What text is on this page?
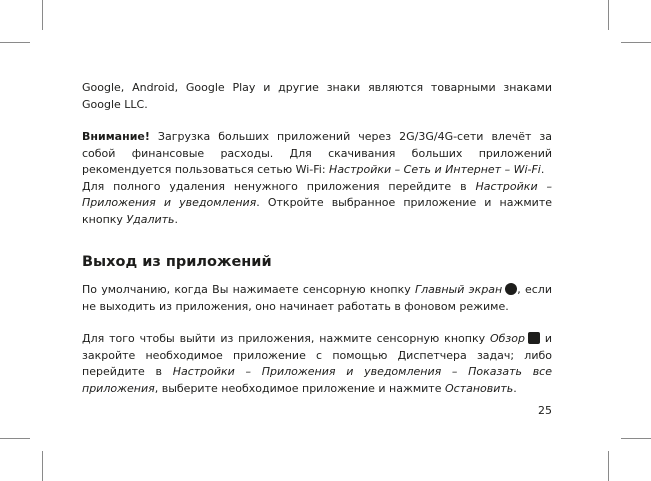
Google, Android, Google Play и другие знаки являются товарными знаками Google LLC.

Внимание! Загрузка больших приложений через 2G/3G/4G-сети влечёт за собой финансовые расходы. Для скачивания больших приложений рекомендуется пользоваться сетью Wi-Fi: Настройки – Сеть и Интернет – Wi-Fi.

Для полного удаления ненужного приложения перейдите в Настройки – Приложения и уведомления. Откройте выбранное приложение и нажмите кнопку Удалить.

Выход из приложений

По умолчанию, когда Вы нажимаете сенсорную кнопку Главный экран , если не выходить из приложения, оно начинает работать в фоновом режиме.

Для того чтобы выйти из приложения, нажмите сенсорную кнопку Обзор и закройте необходимое приложение с помощью Диспетчера задач; либо перейдите в Настройки – Приложения и уведомления – Показать все приложения, выберите необходимое приложение и нажмите Остановить.

25
